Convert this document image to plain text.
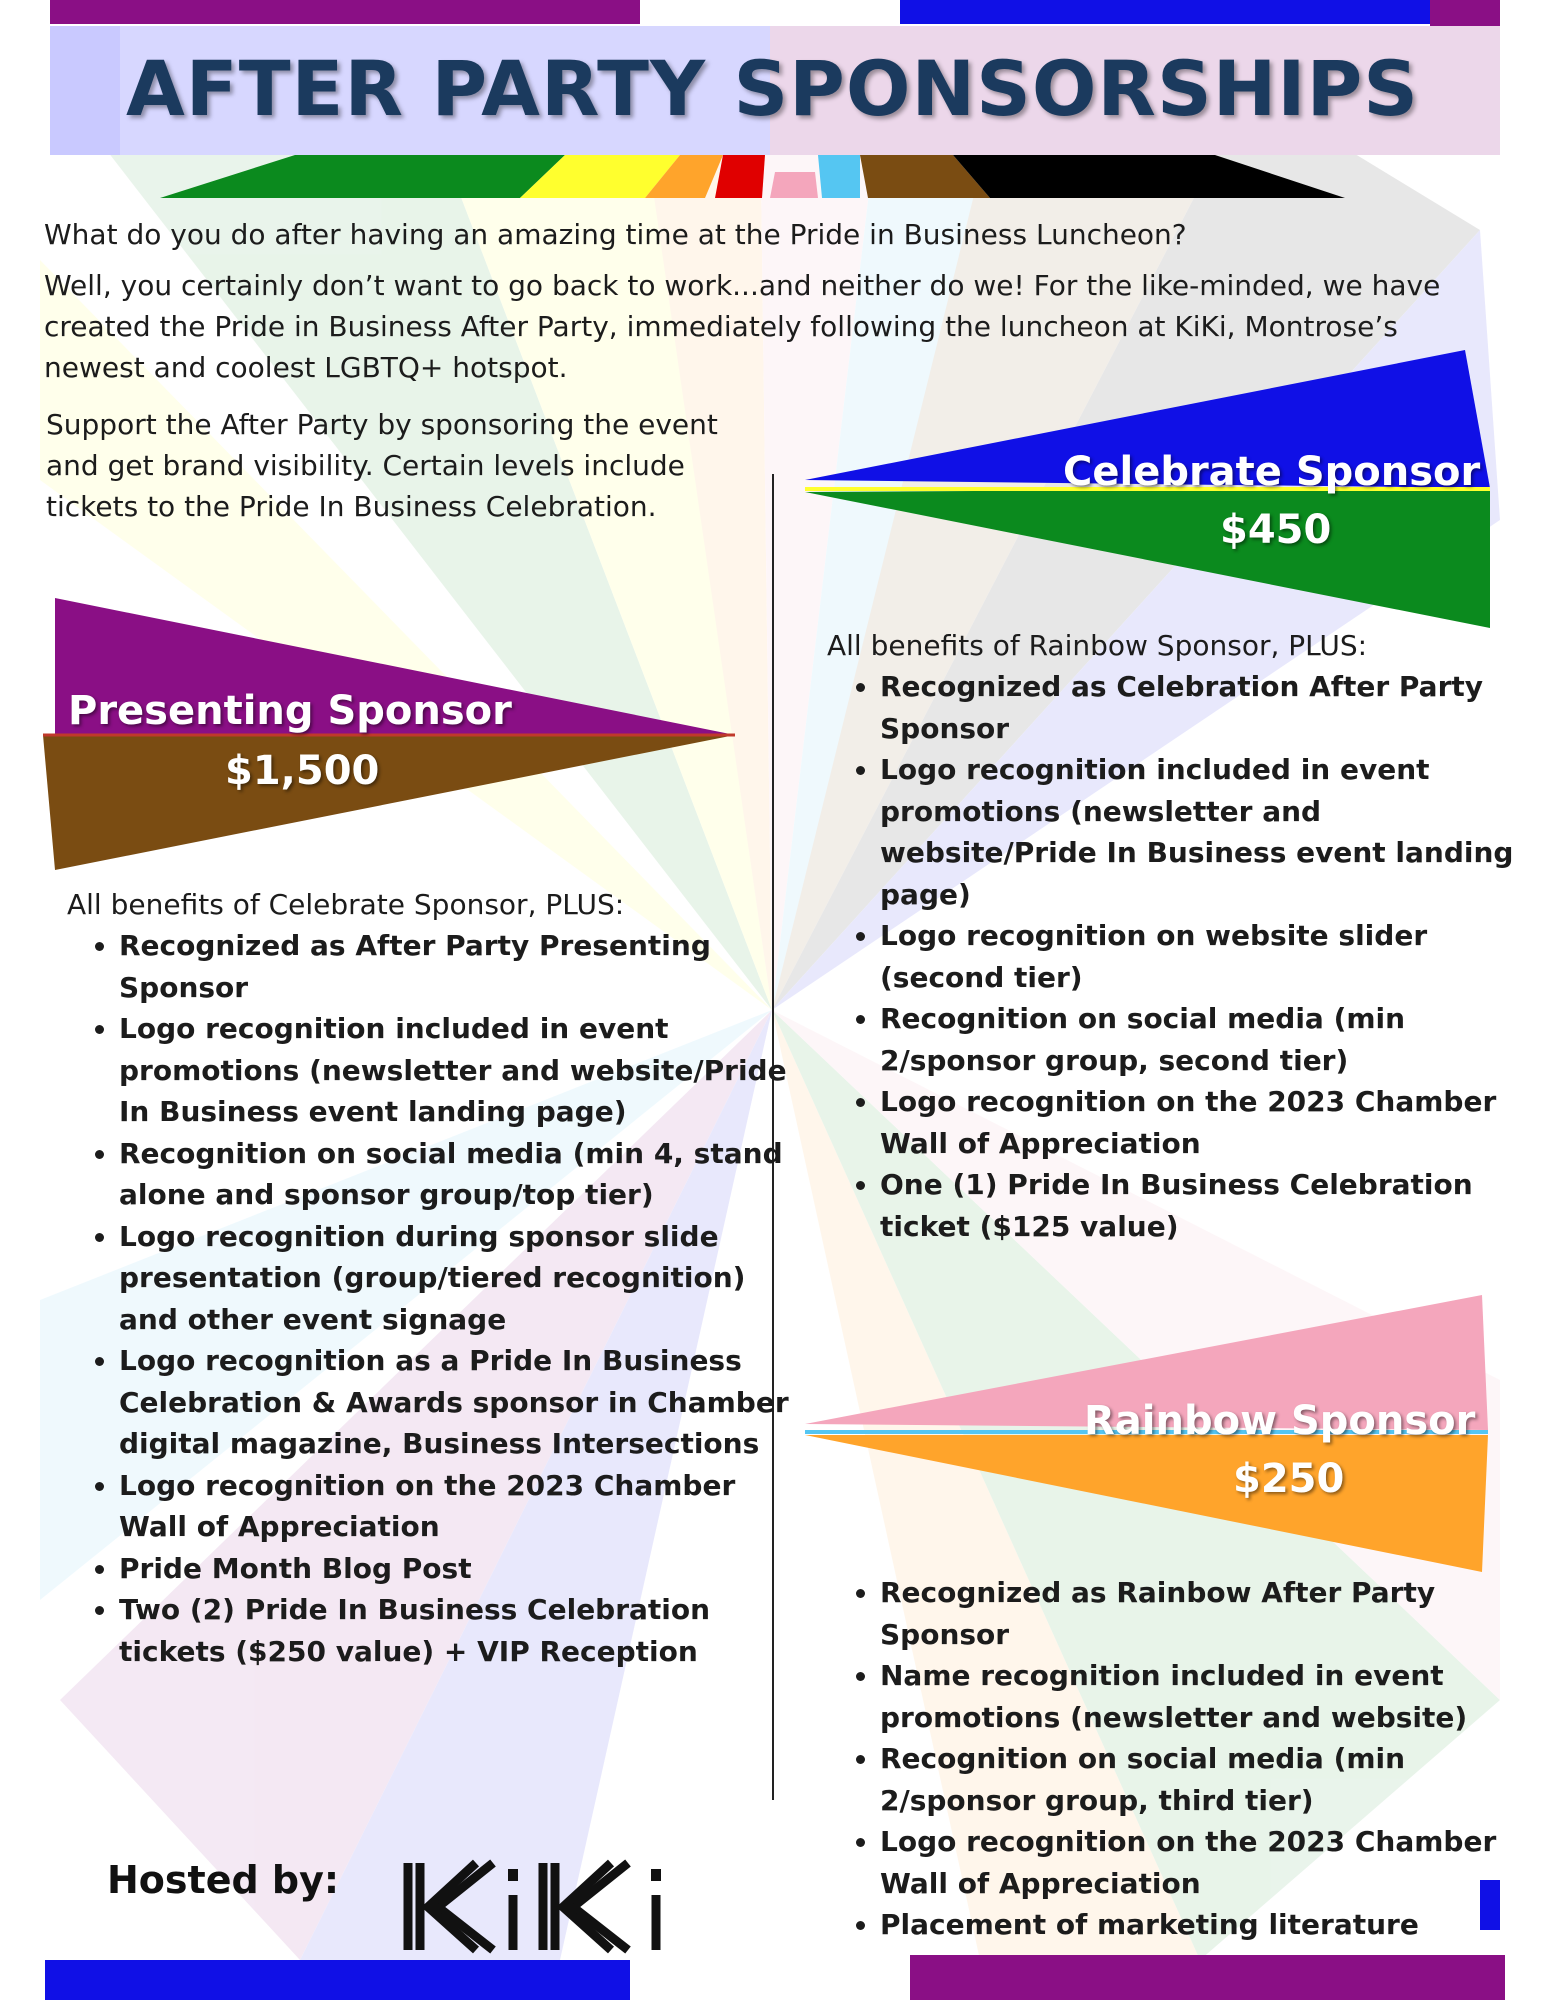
AFTER PARTY SPONSORSHIPS
What do you do after having an amazing time at the Pride in Business Luncheon?
Well, you certainly don’t want to go back to work...and neither do we! For the like-minded, we have created the Pride in Business After Party, immediately following the luncheon at KiKi, Montrose’s newest and coolest LGBTQ+ hotspot.
Support the After Party by sponsoring the event and get brand visibility. Certain levels include tickets to the Pride In Business Celebration.
Presenting Sponsor
$1,500
All benefits of Celebrate Sponsor, PLUS:
• Recognized as After Party Presenting Sponsor
• Logo recognition included in event promotions (newsletter and website/Pride In Business event landing page)
• Recognition on social media (min 4, stand alone and sponsor group/top tier)
• Logo recognition during sponsor slide presentation (group/tiered recognition) and other event signage
• Logo recognition as a Pride In Business Celebration & Awards sponsor in Chamber digital magazine, Business Intersections
• Logo recognition on the 2023 Chamber Wall of Appreciation
• Pride Month Blog Post
• Two (2) Pride In Business Celebration tickets ($250 value) + VIP Reception
Celebrate Sponsor
$450
All benefits of Rainbow Sponsor, PLUS:
• Recognized as Celebration After Party Sponsor
• Logo recognition included in event promotions (newsletter and website/Pride In Business event landing page)
• Logo recognition on website slider (second tier)
• Recognition on social media (min 2/sponsor group, second tier)
• Logo recognition on the 2023 Chamber Wall of Appreciation
• One (1) Pride In Business Celebration ticket ($125 value)
Rainbow Sponsor
$250
• Recognized as Rainbow After Party Sponsor
• Name recognition included in event promotions (newsletter and website)
• Recognition on social media (min 2/sponsor group, third tier)
• Logo recognition on the 2023 Chamber Wall of Appreciation
• Placement of marketing literature
Hosted by:
